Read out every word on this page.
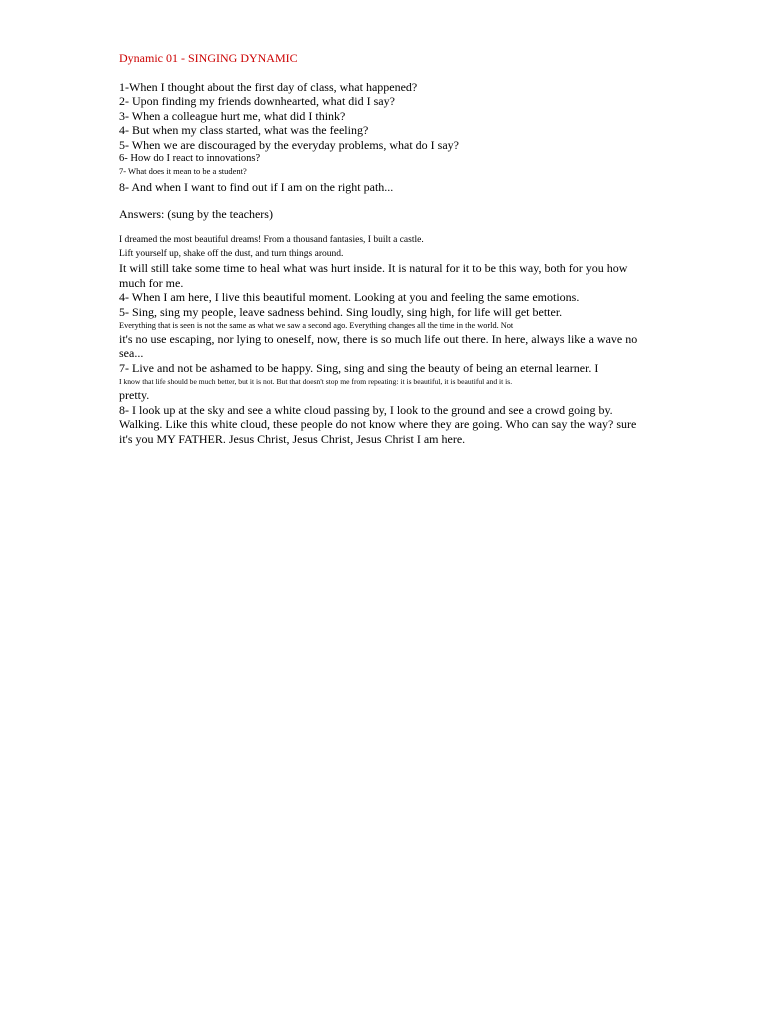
Dynamic 01 - SINGING DYNAMIC
1-When I thought about the first day of class, what happened?
2- Upon finding my friends downhearted, what did I say?
3- When a colleague hurt me, what did I think?
4- But when my class started, what was the feeling?
5- When we are discouraged by the everyday problems, what do I say?
6- How do I react to innovations?
7- What does it mean to be a student?
8- And when I want to find out if I am on the right path...
Answers: (sung by the teachers)
I dreamed the most beautiful dreams! From a thousand fantasies, I built a castle.
Lift yourself up, shake off the dust, and turn things around.
It will still take some time to heal what was hurt inside. It is natural for it to be this way, both for you how much for me.
4- When I am here, I live this beautiful moment. Looking at you and feeling the same emotions.
5- Sing, sing my people, leave sadness behind. Sing loudly, sing high, for life will get better.
Everything that is seen is not the same as what we saw a second ago. Everything changes all the time in the world. Not
it's no use escaping, nor lying to oneself, now, there is so much life out there. In here, always like a wave no sea...
7- Live and not be ashamed to be happy. Sing, sing and sing the beauty of being an eternal learner. I
I know that life should be much better, but it is not. But that doesn't stop me from repeating: it is beautiful, it is beautiful and it is.
pretty.
8- I look up at the sky and see a white cloud passing by, I look to the ground and see a crowd going by. Walking. Like this white cloud, these people do not know where they are going. Who can say the way? sure it's you MY FATHER. Jesus Christ, Jesus Christ, Jesus Christ I am here.
